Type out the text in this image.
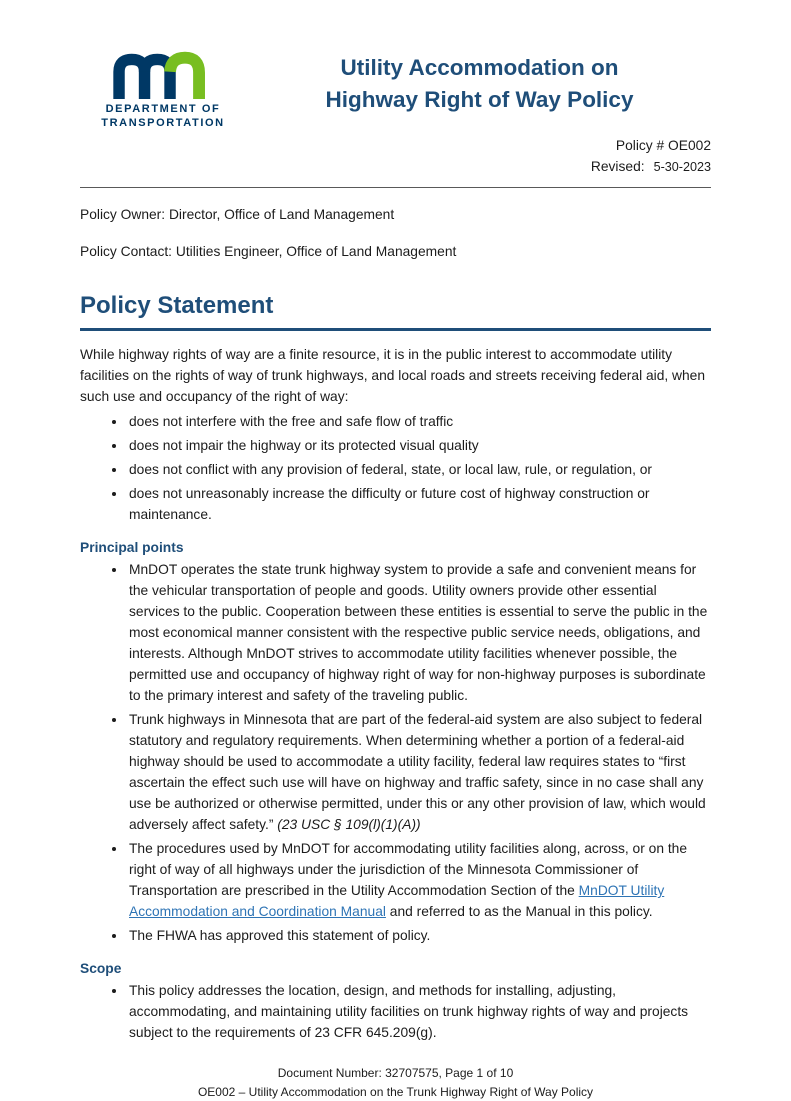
DEPARTMENT OF
TRANSPORTATION
Utility Accommodation on
Highway Right of Way Policy
Policy # OE002
Revised: 5-30-2023

Policy Owner: Director, Office of Land Management

Policy Contact: Utilities Engineer, Office of Land Management

Policy Statement

While highway rights of way are a finite resource, it is in the public interest to accommodate utility facilities on the rights of way of trunk highways, and local roads and streets receiving federal aid, when such use and occupancy of the right of way:

• does not interfere with the free and safe flow of traffic
• does not impair the highway or its protected visual quality
• does not conflict with any provision of federal, state, or local law, rule, or regulation, or
• does not unreasonably increase the difficulty or future cost of highway construction or maintenance.
Principal points
• MnDOT operates the state trunk highway system to provide a safe and convenient means for the vehicular transportation of people and goods. Utility owners provide other essential services to the public. Cooperation between these entities is essential to serve the public in the most economical manner consistent with the respective public service needs, obligations, and interests. Although MnDOT strives to accommodate utility facilities whenever possible, the permitted use and occupancy of highway right of way for non-highway purposes is subordinate to the primary interest and safety of the traveling public.
• Trunk highways in Minnesota that are part of the federal-aid system are also subject to federal statutory and regulatory requirements. When determining whether a portion of a federal-aid highway should be used to accommodate a utility facility, federal law requires states to “first ascertain the effect such use will have on highway and traffic safety, since in no case shall any use be authorized or otherwise permitted, under this or any other provision of law, which would adversely affect safety.” (23 USC § 109(l)(1)(A))
• The procedures used by MnDOT for accommodating utility facilities along, across, or on the right of way of all highways under the jurisdiction of the Minnesota Commissioner of Transportation are prescribed in the Utility Accommodation Section of the MnDOT Utility Accommodation and Coordination Manual and referred to as the Manual in this policy.
• The FHWA has approved this statement of policy.
Scope
• This policy addresses the location, design, and methods for installing, adjusting, accommodating, and maintaining utility facilities on trunk highway rights of way and projects subject to the requirements of 23 CFR 645.209(g).
Document Number: 32707575, Page 1 of 10
OE002 – Utility Accommodation on the Trunk Highway Right of Way Policy
